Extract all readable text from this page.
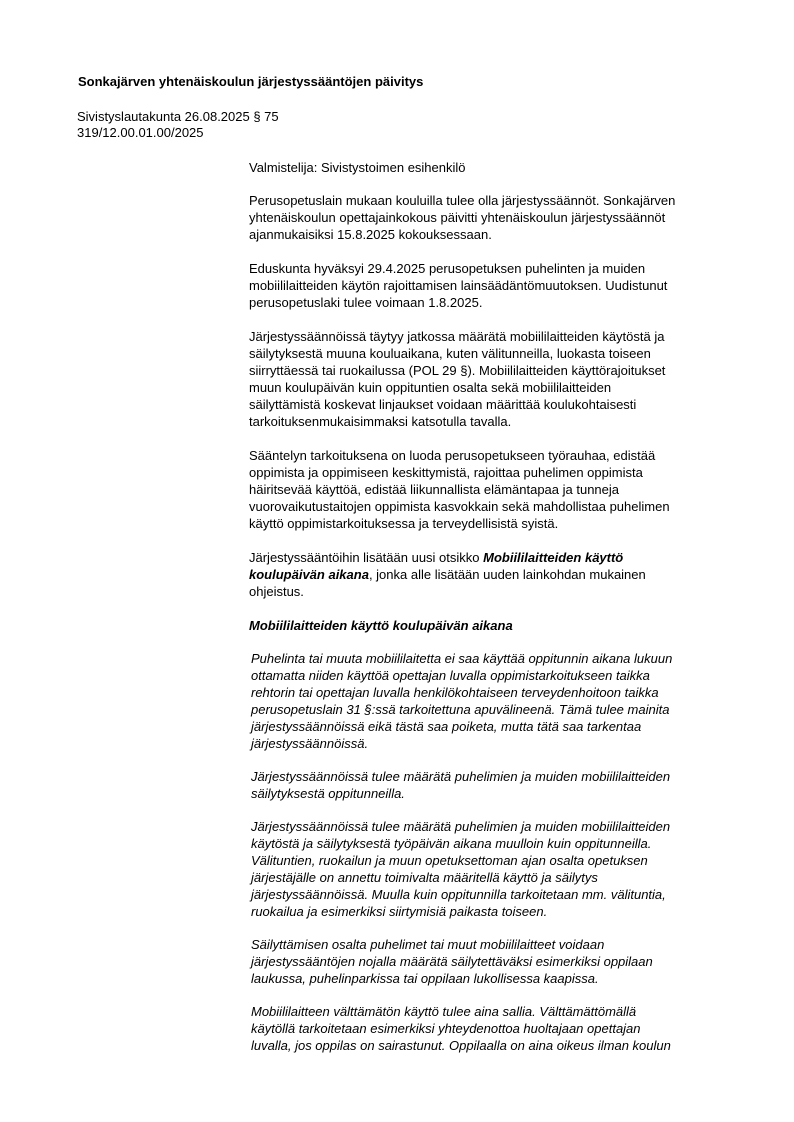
Sonkajärven yhtenäiskoulun järjestyssääntöjen päivitys
Sivistyslautakunta 26.08.2025 § 75
319/12.00.01.00/2025
Valmistelija: Sivistystoimen esihenkilö

Perusopetuslain mukaan kouluilla tulee olla järjestyssäännöt. Sonkajärven
yhtenäiskoulun opettajainkokous päivitti yhtenäiskoulun järjestyssäännöt
ajanmukaisiksi 15.8.2025 kokouksessaan.

Eduskunta hyväksyi 29.4.2025 perusopetuksen puhelinten ja muiden
mobiililaitteiden käytön rajoittamisen lainsäädäntömuutoksen. Uudistunut
perusopetuslaki tulee voimaan 1.8.2025.

Järjestyssäännöissä täytyy jatkossa määrätä mobiililaitteiden käytöstä ja
säilytyksestä muuna kouluaikana, kuten välitunneilla, luokasta toiseen
siirryttäessä tai ruokailussa (POL 29 §). Mobiililaitteiden käyttörajoitukset
muun koulupäivän kuin oppituntien osalta sekä mobiililaitteiden
säilyttämistä koskevat linjaukset voidaan määrittää koulukohtaisesti
tarkoituksenmukaisimmaksi katsotulla tavalla.

Sääntelyn tarkoituksena on luoda perusopetukseen työrauhaa, edistää
oppimista ja oppimiseen keskittymistä, rajoittaa puhelimen oppimista
häiritsevää käyttöä, edistää liikunnallista elämäntapaa ja tunneja
vuorovaikutustaitojen oppimista kasvokkain sekä mahdollistaa puhelimen
käyttö oppimistarkoituksessa ja terveydellisistä syistä.

Järjestyssääntöihin lisätään uusi otsikko Mobiililaitteiden käyttö
koulupäivän aikana, jonka alle lisätään uuden lainkohdan mukainen
ohjeistus.

Mobiililaitteiden käyttö koulupäivän aikana

Puhelinta tai muuta mobiililaitetta ei saa käyttää oppitunnin aikana lukuun
ottamatta niiden käyttöä opettajan luvalla oppimistarkoitukseen taikka
rehtorin tai opettajan luvalla henkilökohtaiseen terveydenhoitoon taikka
perusopetuslain 31 §:ssä tarkoitettuna apuvälineenä. Tämä tulee mainita
järjestyssäännöissä eikä tästä saa poiketa, mutta tätä saa tarkentaa
järjestyssäännöissä.

Järjestyssäännöissä tulee määrätä puhelimien ja muiden mobiililaitteiden
säilytyksestä oppitunneilla.

Järjestyssäännöissä tulee määrätä puhelimien ja muiden mobiililaitteiden
käytöstä ja säilytyksestä työpäivän aikana muulloin kuin oppitunneilla.
Välituntien, ruokailun ja muun opetuksettoman ajan osalta opetuksen
järjestäjälle on annettu toimivalta määritellä käyttö ja säilytys
järjestyssäännöissä. Muulla kuin oppitunnilla tarkoitetaan mm. välituntia,
ruokailua ja esimerkiksi siirtymisiä paikasta toiseen.

Säilyttämisen osalta puhelimet tai muut mobiililaitteet voidaan
järjestyssääntöjen nojalla määrätä säilytettäväksi esimerkiksi oppilaan
laukussa, puhelinparkissa tai oppilaan lukollisessa kaapissa.

Mobiililaitteen välttämätön käyttö tulee aina sallia. Välttämättömällä
käytöllä tarkoitetaan esimerkiksi yhteydenottoa huoltajaan opettajan
luvalla, jos oppilas on sairastunut. Oppilaalla on aina oikeus ilman koulun
